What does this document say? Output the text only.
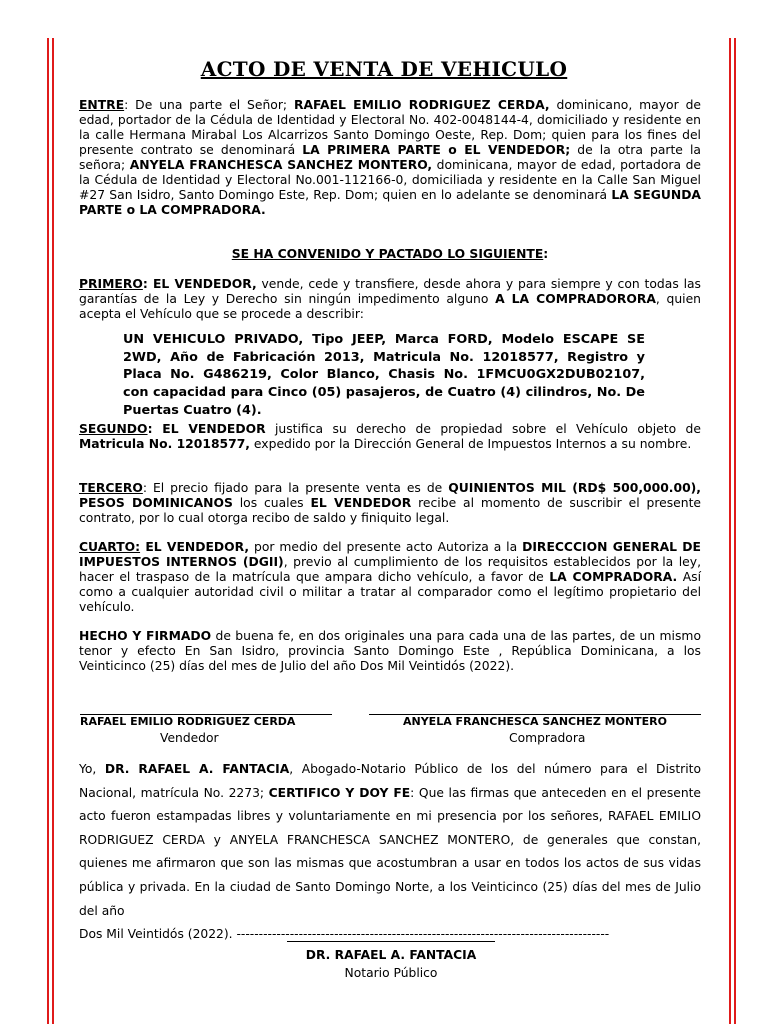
ACTO DE VENTA DE VEHICULO
ENTRE: De una parte el Señor; RAFAEL EMILIO RODRIGUEZ CERDA, dominicano, mayor de edad, portador de la Cédula de Identidad y Electoral No. 402-0048144-4, domiciliado y residente en la calle Hermana Mirabal Los Alcarrizos Santo Domingo Oeste, Rep. Dom; quien para los fines del presente contrato se denominará LA PRIMERA PARTE o EL VENDEDOR; de la otra parte la señora; ANYELA FRANCHESCA SANCHEZ MONTERO, dominicana, mayor de edad, portadora de la Cédula de Identidad y Electoral No.001-112166-0, domiciliada y residente en la Calle San Miguel #27 San Isidro, Santo Domingo Este, Rep. Dom; quien en lo adelante se denominará LA SEGUNDA PARTE o LA COMPRADORA.
SE HA CONVENIDO Y PACTADO LO SIGUIENTE:
PRIMERO: EL VENDEDOR, vende, cede y transfiere, desde ahora y para siempre y con todas las garantías de la Ley y Derecho sin ningún impedimento alguno A LA COMPRADORORA, quien acepta el Vehículo que se procede a describir:
UN VEHICULO PRIVADO, Tipo JEEP, Marca FORD, Modelo ESCAPE SE 2WD, Año de Fabricación 2013, Matricula No. 12018577, Registro y Placa No. G486219, Color Blanco, Chasis No. 1FMCU0GX2DUB02107, con capacidad para Cinco (05) pasajeros, de Cuatro (4) cilindros, No. De Puertas Cuatro (4).
SEGUNDO: EL VENDEDOR justifica su derecho de propiedad sobre el Vehículo objeto de Matricula No. 12018577, expedido por la Dirección General de Impuestos Internos a su nombre.
TERCERO: El precio fijado para la presente venta es de QUINIENTOS MIL (RD$ 500,000.00), PESOS DOMINICANOS los cuales EL VENDEDOR recibe al momento de suscribir el presente contrato, por lo cual otorga recibo de saldo y finiquito legal.
CUARTO: EL VENDEDOR, por medio del presente acto Autoriza a la DIRECCCION GENERAL DE IMPUESTOS INTERNOS (DGII), previo al cumplimiento de los requisitos establecidos por la ley, hacer el traspaso de la matrícula que ampara dicho vehículo, a favor de LA COMPRADORA. Así como a cualquier autoridad civil o militar a tratar al comparador como el legítimo propietario del vehículo.
HECHO Y FIRMADO de buena fe, en dos originales una para cada una de las partes, de un mismo tenor y efecto En San Isidro, provincia Santo Domingo Este , República Dominicana, a los Veinticinco (25) días del mes de Julio del año Dos Mil Veintidós (2022).
RAFAEL EMILIO RODRIGUEZ CERDA
Vendedor
ANYELA FRANCHESCA SANCHEZ MONTERO
Compradora
Yo, DR. RAFAEL A. FANTACIA, Abogado-Notario Público de los del número para el Distrito Nacional, matrícula No. 2273; CERTIFICO Y DOY FE: Que las firmas que anteceden en el presente acto fueron estampadas libres y voluntariamente en mi presencia por los señores, RAFAEL EMILIO RODRIGUEZ CERDA y ANYELA FRANCHESCA SANCHEZ MONTERO, de generales que constan, quienes me afirmaron que son las mismas que acostumbran a usar en todos los actos de sus vidas pública y privada. En la ciudad de Santo Domingo Norte, a los Veinticinco (25) días del mes de Julio del año
Dos Mil Veintidós (2022). ------------------------------------------------------------------------------------
DR. RAFAEL A. FANTACIA
Notario Público
